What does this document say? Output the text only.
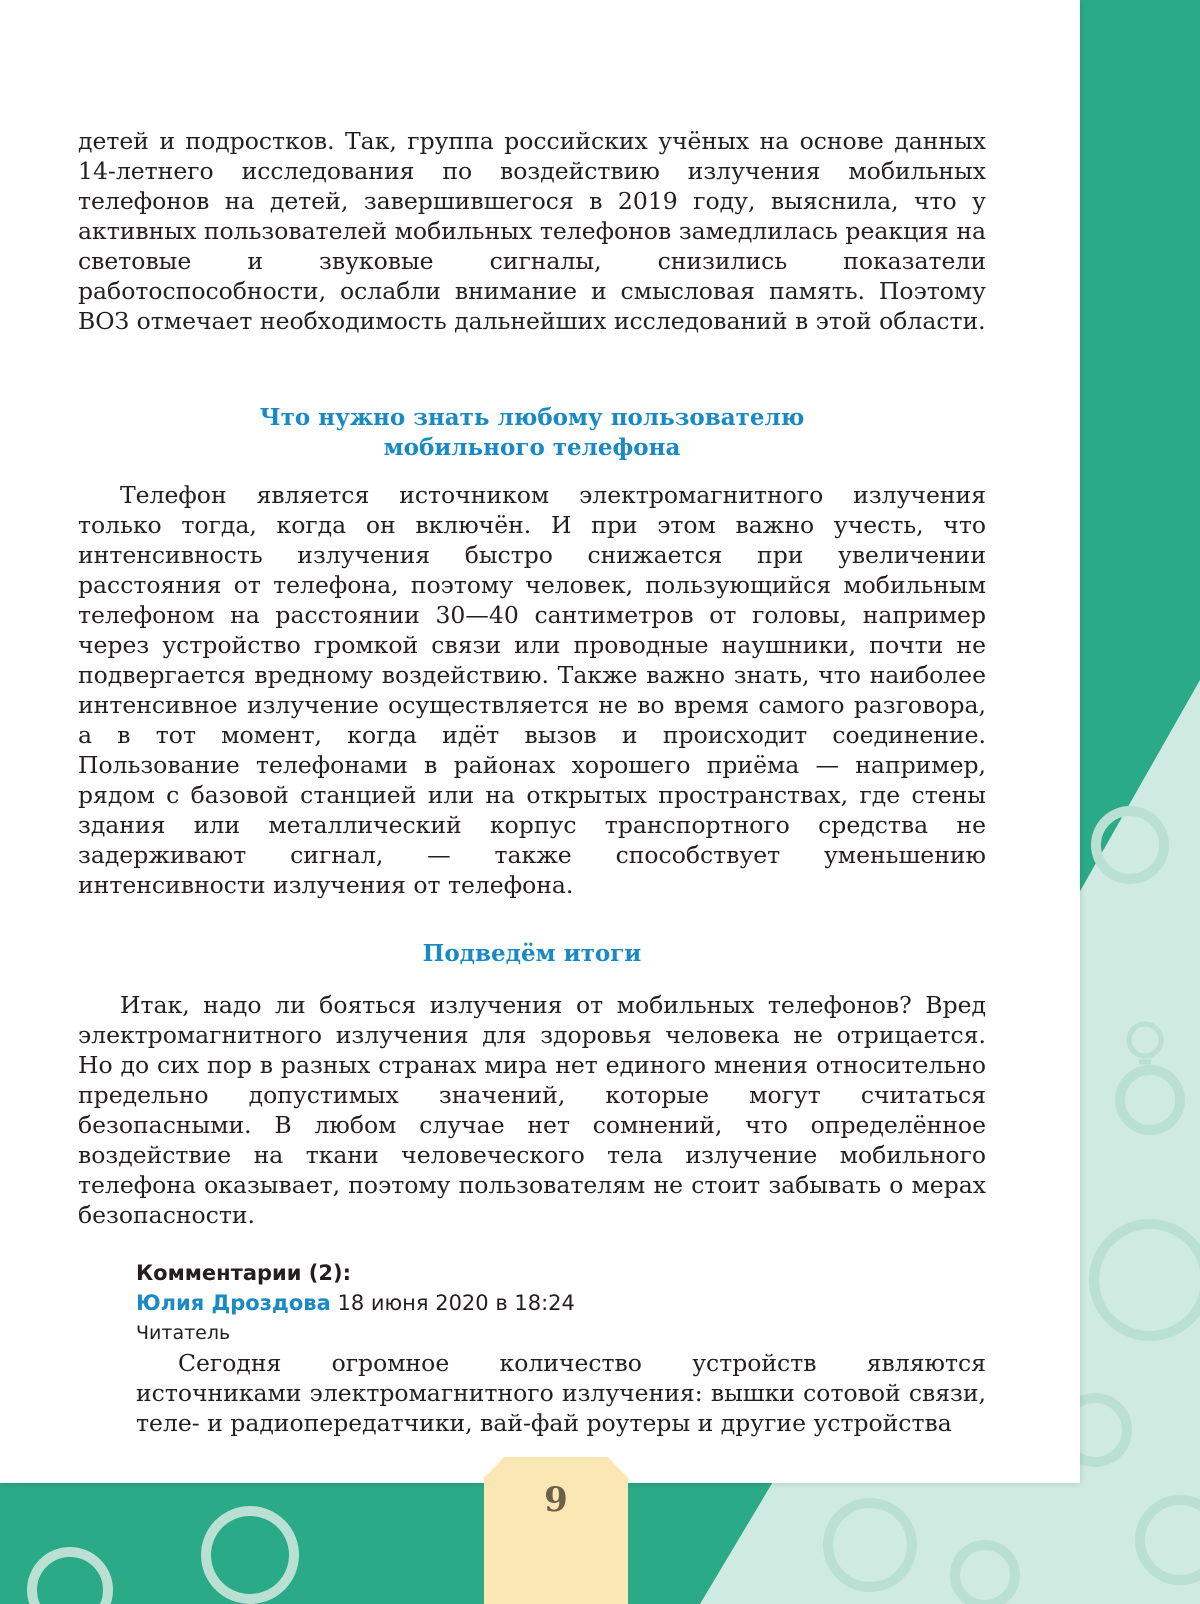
детей и подростков. Так, группа российских учёных на основе данных 14-летнего исследования по воздействию излучения мобильных телефонов на детей, завершившегося в 2019 году, выяснила, что у активных пользователей мобильных телефонов замедлилась реакция на световые и звуковые сигналы, снизились показатели работоспособности, ослабли внимание и смысловая память. Поэтому ВОЗ отмечает необходимость дальнейших исследований в этой области.

Что нужно знать любому пользователю
мобильного телефона

Телефон является источником электромагнитного излучения только тогда, когда он включён. И при этом важно учесть, что интенсивность излучения быстро снижается при увеличении расстояния от телефона, поэтому человек, пользующийся мобильным телефоном на расстоянии 30—40 сантиметров от головы, например через устройство громкой связи или проводные наушники, почти не подвергается вредному воздействию. Также важно знать, что наиболее интенсивное излучение осуществляется не во время самого разговора, а в тот момент, когда идёт вызов и происходит соединение. Пользование телефонами в районах хорошего приёма — например, рядом с базовой станцией или на открытых пространствах, где стены здания или металлический корпус транспортного средства не задерживают сигнал, — также способствует уменьшению интенсивности излучения от телефона.

Подведём итоги

Итак, надо ли бояться излучения от мобильных телефонов? Вред электромагнитного излучения для здоровья человека не отрицается. Но до сих пор в разных странах мира нет единого мнения относительно предельно допустимых значений, которые могут считаться безопасными. В любом случае нет сомнений, что определённое воздействие на ткани человеческого тела излучение мобильного телефона оказывает, поэтому пользователям не стоит забывать о мерах безопасности.

Комментарии (2):
Юлия Дроздова 18 июня 2020 в 18:24
Читатель

Сегодня огромное количество устройств являются источниками электромагнитного излучения: вышки сотовой связи, теле- и радиопередатчики, вай-фай роутеры и другие устройства

9
